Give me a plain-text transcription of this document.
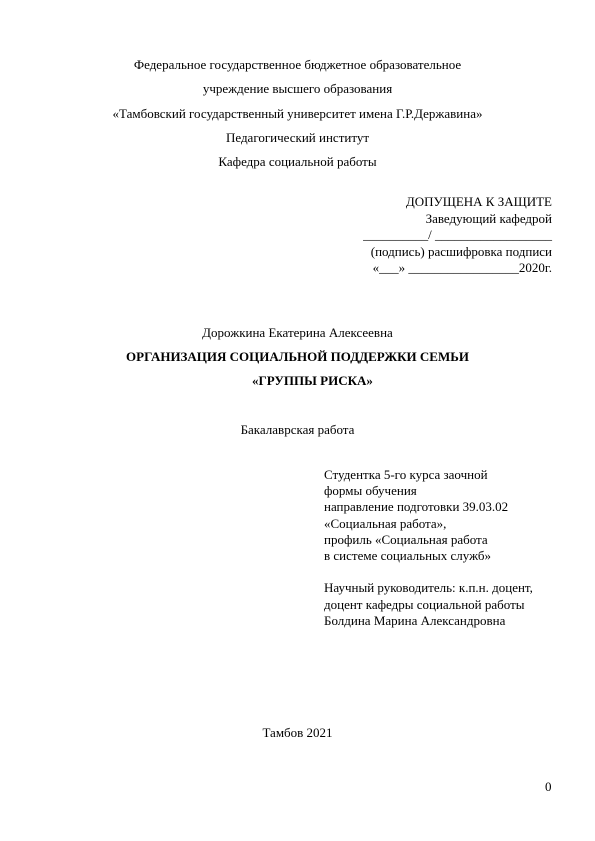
Федеральное государственное бюджетное образовательное
учреждение высшего образования
«Тамбовский государственный университет имена Г.Р.Державина»
Педагогический институт
Кафедра социальной работы
ДОПУЩЕНА К ЗАЩИТЕ
Заведующий кафедрой
__________/ __________________
(подпись) расшифровка подписи
«___» _________________2020г.
Дорожкина Екатерина Алексеевна
ОРГАНИЗАЦИЯ СОЦИАЛЬНОЙ ПОДДЕРЖКИ СЕМЬИ
«ГРУППЫ РИСКА»
Бакалаврская работа
Студентка 5-го курса заочной
формы обучения
направление подготовки 39.03.02
«Социальная работа»,
профиль «Социальная работа
в системе социальных служб»
Научный руководитель: к.п.н. доцент,
доцент кафедры социальной работы
Болдина Марина Александровна
Тамбов 2021
0
